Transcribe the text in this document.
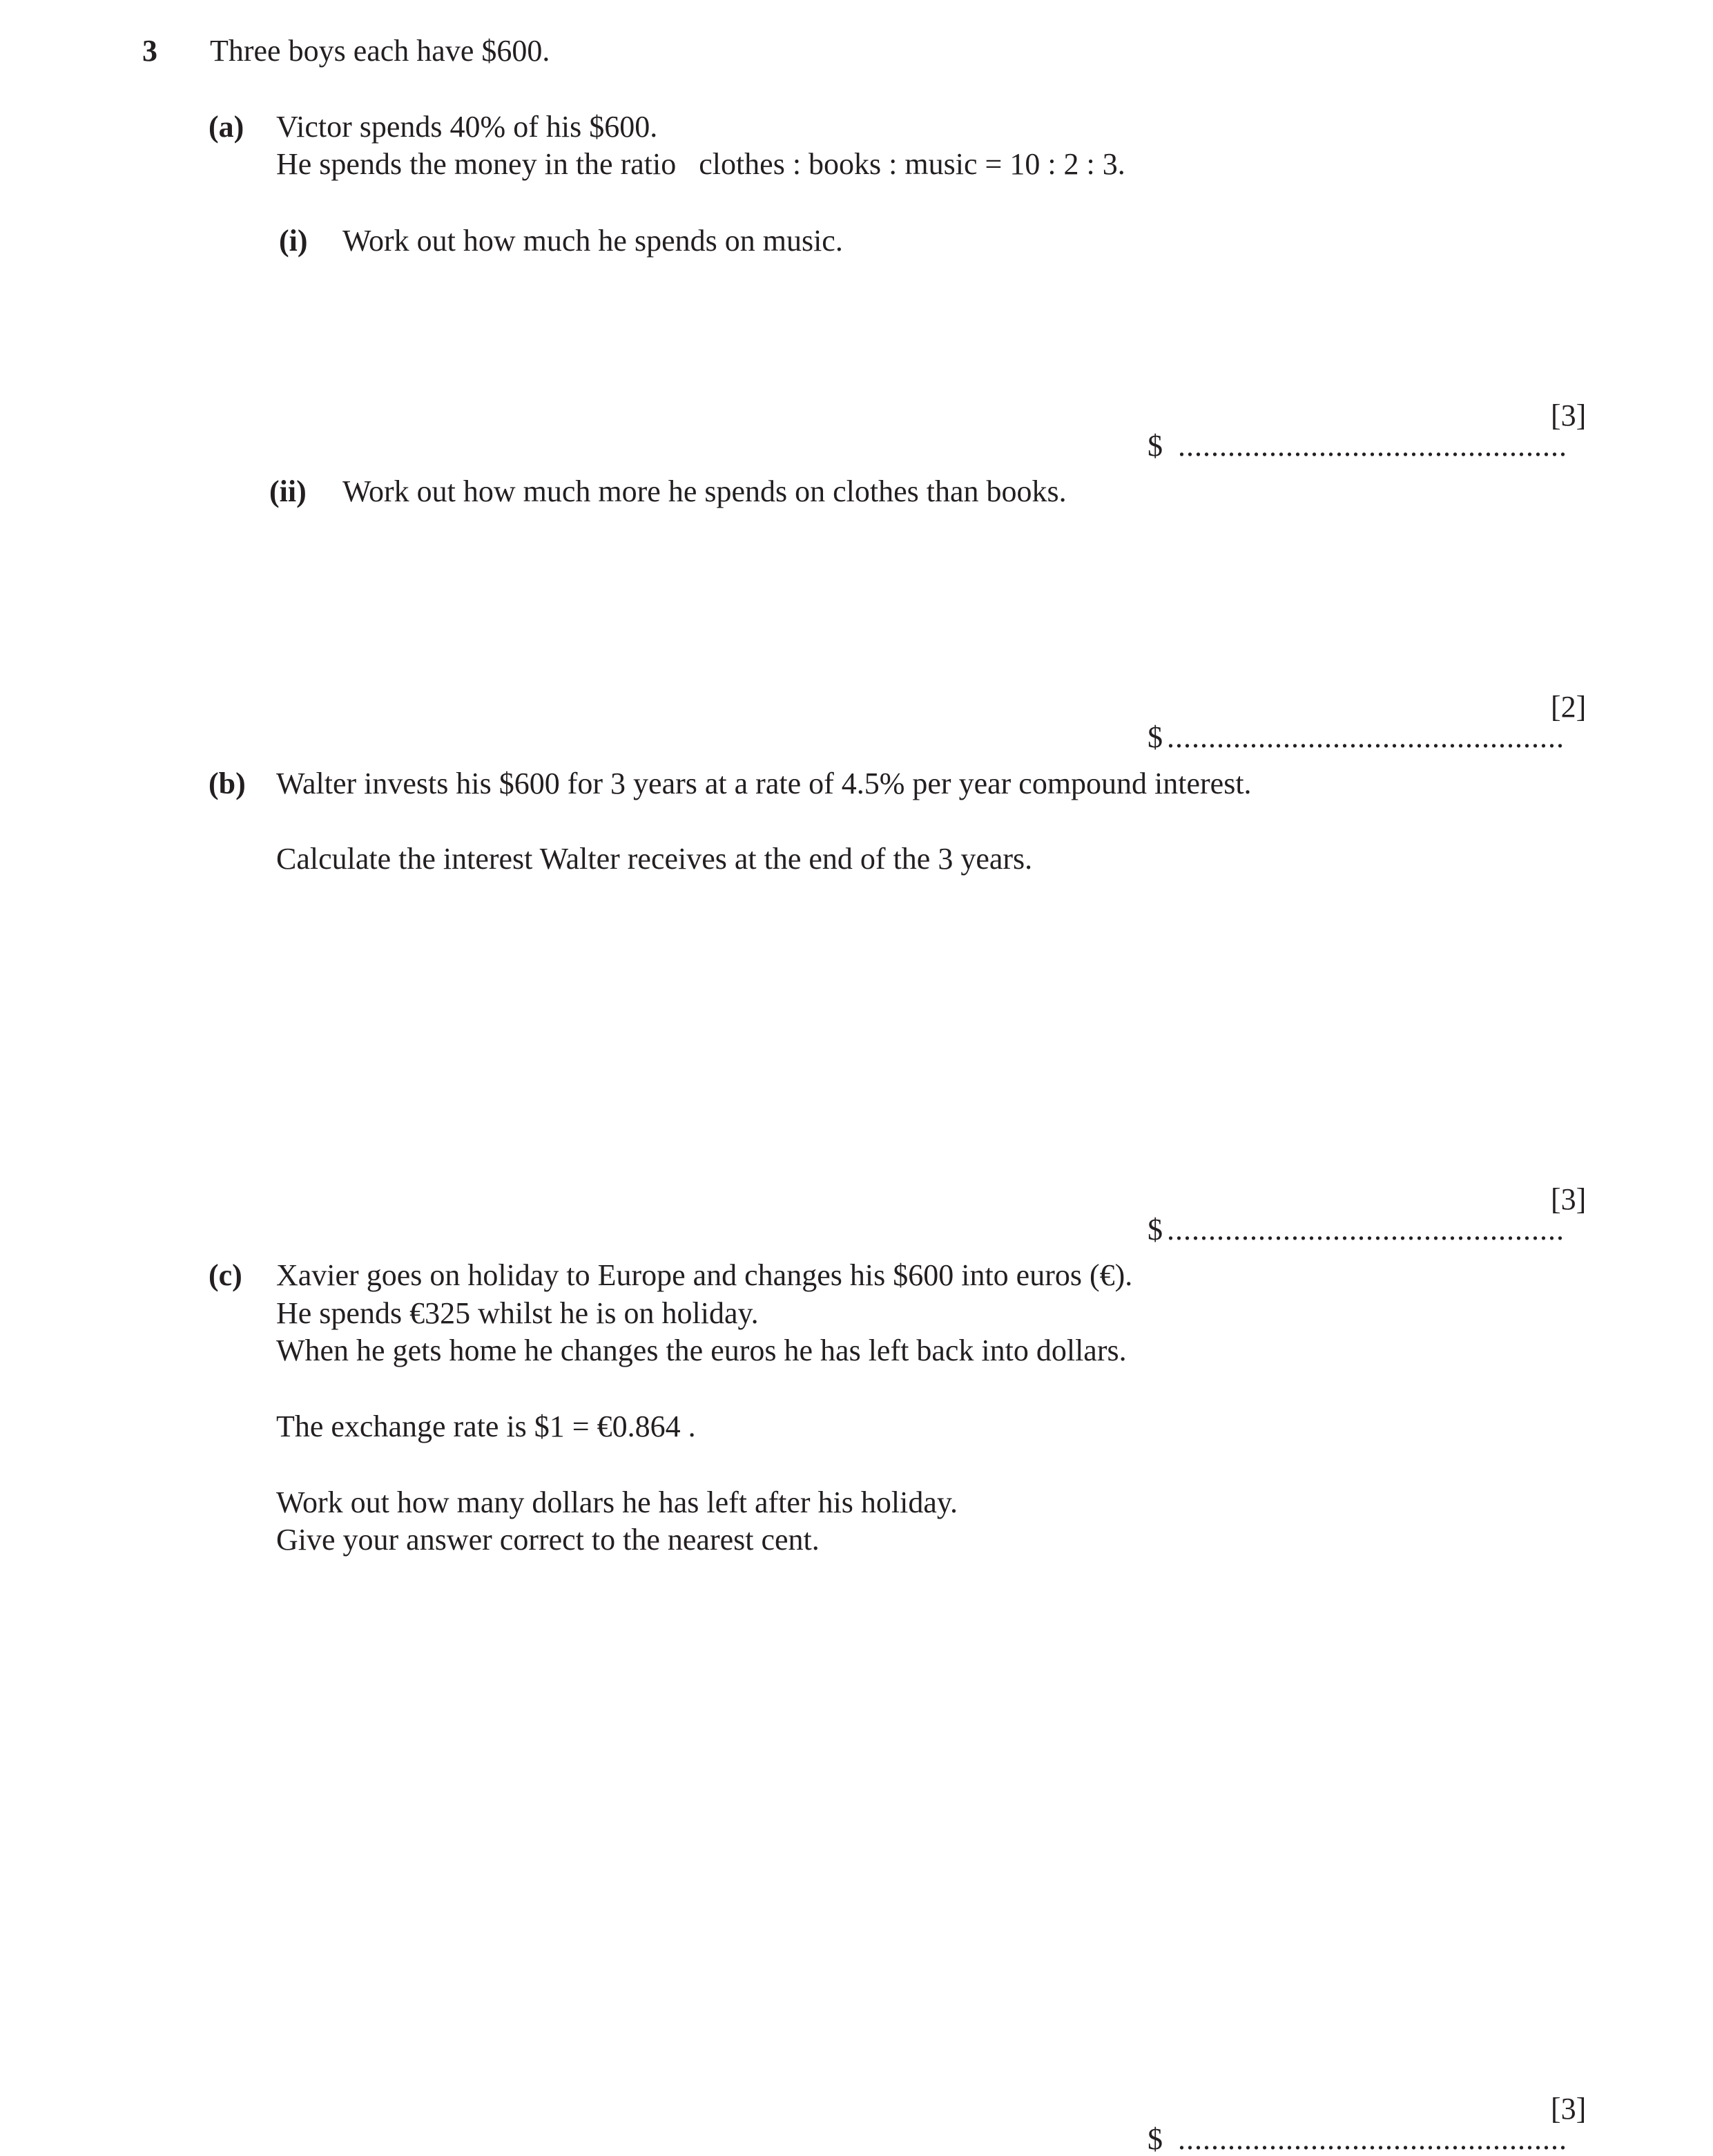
3 Three boys each have $600.
(a) Victor spends 40% of his $600.
He spends the money in the ratio   clothes : books : music = 10 : 2 : 3.
(i) Work out how much he spends on music.

$ ...............................................

[3]
(ii) Work out how much more he spends on clothes than books.

$ ................................................

[2]
(b) Walter invests his $600 for 3 years at a rate of 4.5% per year compound interest.
Calculate the interest Walter receives at the end of the 3 years.

$ ................................................

[3]
(c) Xavier goes on holiday to Europe and changes his $600 into euros (€).
He spends €325 whilst he is on holiday.
When he gets home he changes the euros he has left back into dollars.
The exchange rate is $1 = €0.864 .
Work out how many dollars he has left after his holiday.
Give your answer correct to the nearest cent.

$ ...............................................

[3]
